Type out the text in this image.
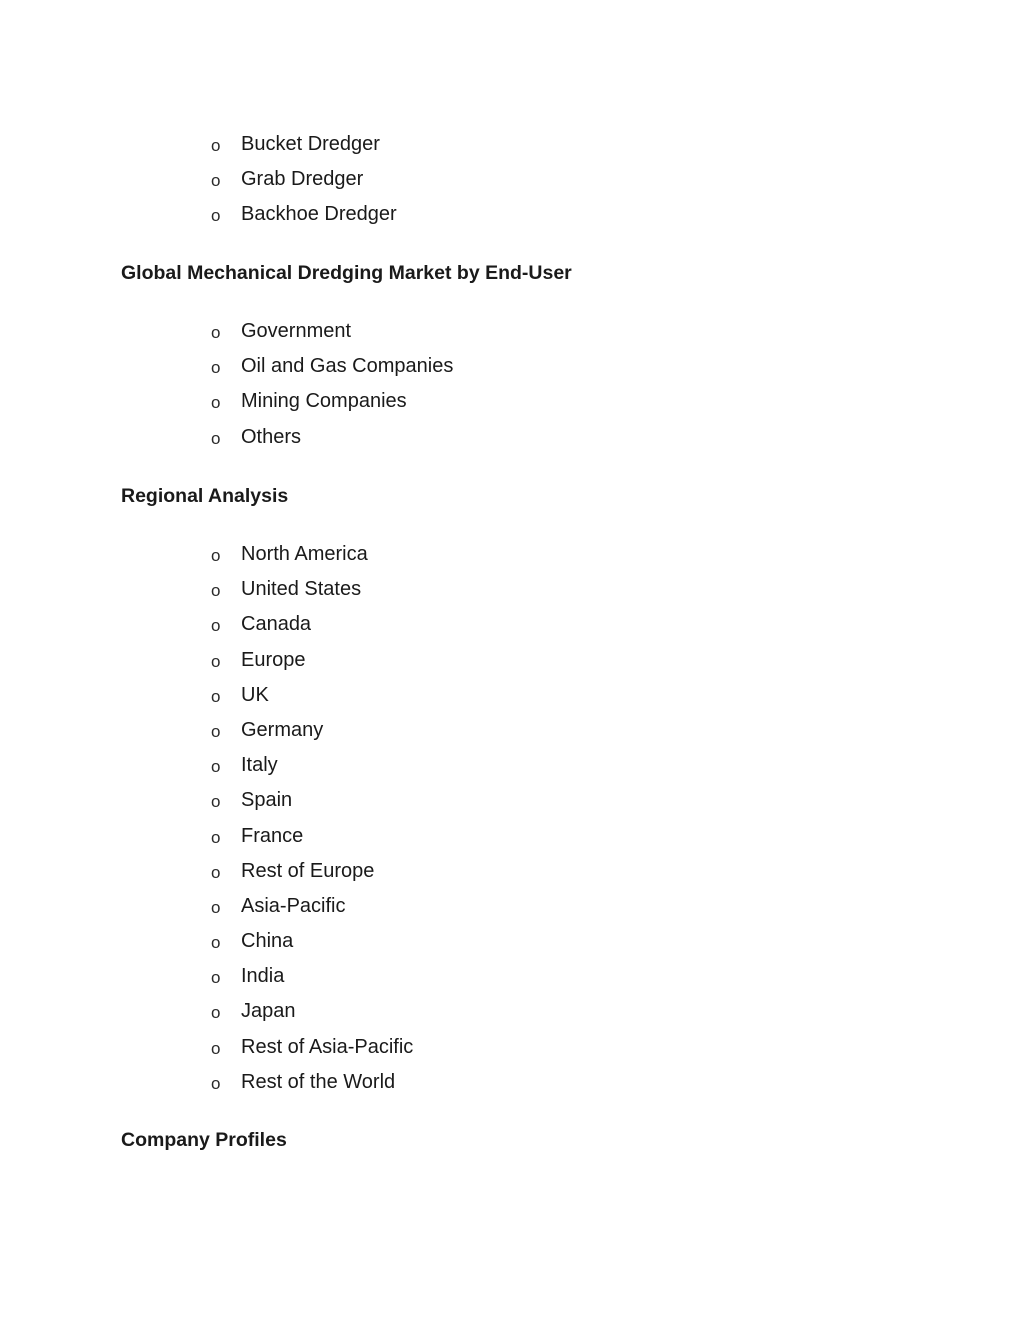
o Bucket Dredger
o Grab Dredger
o Backhoe Dredger
Global Mechanical Dredging Market by End-User
o Government
o Oil and Gas Companies
o Mining Companies
o Others
Regional Analysis
o North America
o United States
o Canada
o Europe
o UK
o Germany
o Italy
o Spain
o France
o Rest of Europe
o Asia-Pacific
o China
o India
o Japan
o Rest of Asia-Pacific
o Rest of the World
Company Profiles
